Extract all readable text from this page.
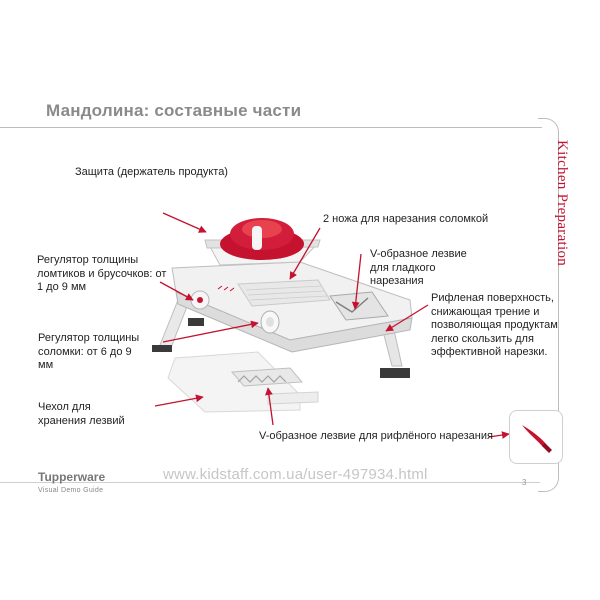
Мандолина: составные части
Kitchen Preparation
Защита (держатель продукта)
Регулятор толщины ломтиков и брусочков: от 1 до 9 мм
2 ножа для нарезания соломкой
V-образное лезвие для гладкого нарезания
Рифленая поверхность, снижающая трение и позволяющая продуктам легко скользить для эффективной нарезки.
Регулятор толщины соломки: от 6 до 9 мм
Чехол для хранения лезвий
V-образное лезвие для рифлёного нарезания
Tupperware
Visual Demo Guide
www.kidstaff.com.ua/user-497934.html	3
